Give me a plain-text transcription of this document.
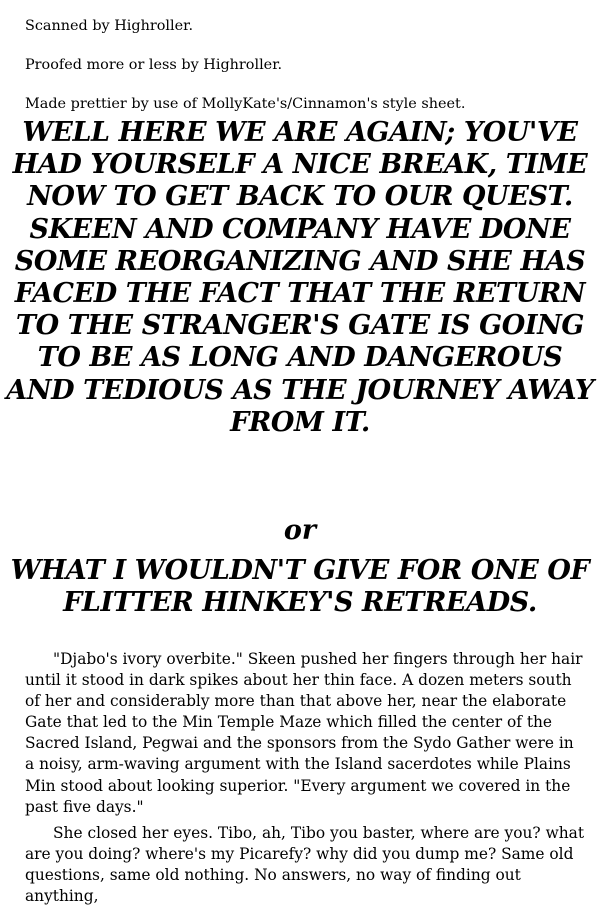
Scanned by Highroller.

Proofed more or less by Highroller.

Made prettier by use of MollyKate's/Cinnamon's style sheet.

WELL HERE WE ARE AGAIN; YOU'VE HAD YOURSELF A NICE BREAK, TIME NOW TO GET BACK TO OUR QUEST. SKEEN AND COMPANY HAVE DONE SOME REORGANIZING AND SHE HAS FACED THE FACT THAT THE RETURN TO THE STRANGER'S GATE IS GOING TO BE AS LONG AND DANGEROUS AND TEDIOUS AS THE JOURNEY AWAY FROM IT.

or

WHAT I WOULDN'T GIVE FOR ONE OF FLITTER HINKEY'S RETREADS.

"Djabo's ivory overbite." Skeen pushed her fingers through her hair until it stood in dark spikes about her thin face. A dozen meters south of her and considerably more than that above her, near the elaborate Gate that led to the Min Temple Maze which filled the center of the Sacred Island, Pegwai and the sponsors from the Sydo Gather were in a noisy, arm-waving argument with the Island sacerdotes while Plains Min stood about looking superior. "Every argument we covered in the past five days."

She closed her eyes. Tibo, ah, Tibo you baster, where are you? what are you doing? where's my Picarefy? why did you dump me? Same old questions, same old nothing. No answers, no way of finding out anything,
